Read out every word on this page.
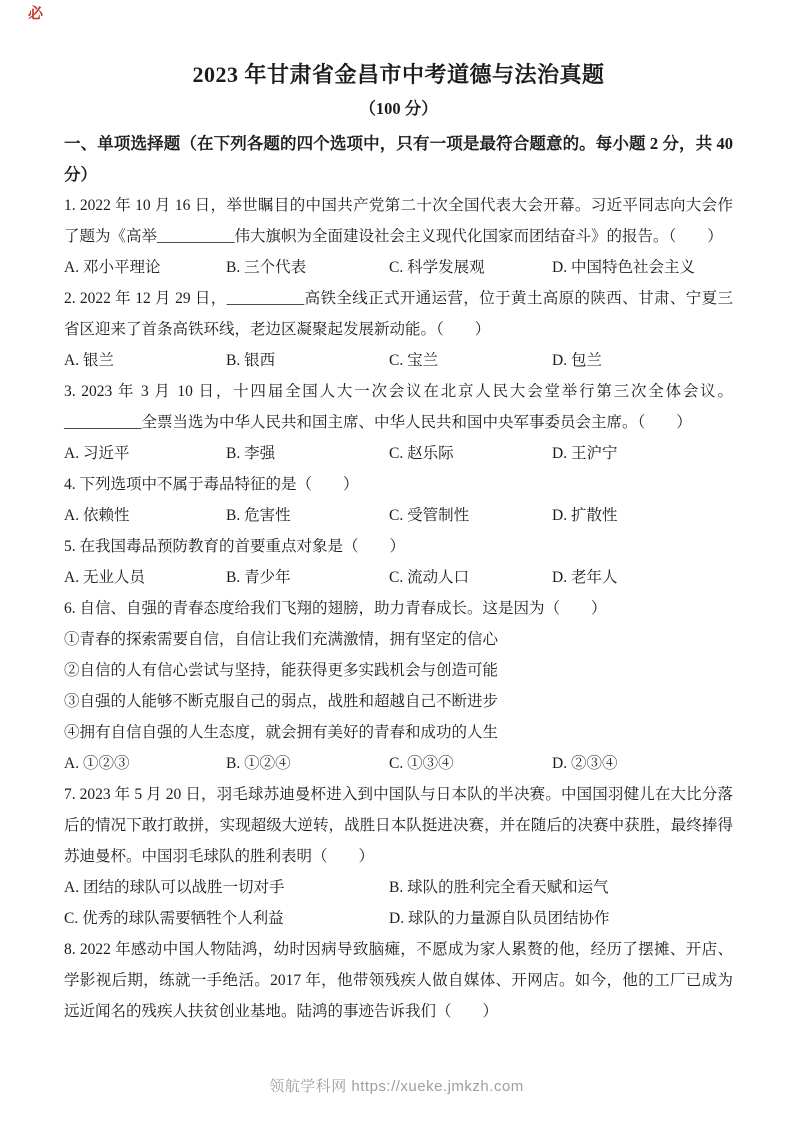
必
2023 年甘肃省金昌市中考道德与法治真题
（100 分）
一、单项选择题（在下列各题的四个选项中，只有一项是最符合题意的。每小题 2 分，共 40 分）

1. 2022 年 10 月 16 日，举世瞩目的中国共产党第二十次全国代表大会开幕。习近平同志向大会作了题为《高举__________伟大旗帜为全面建设社会主义现代化国家而团结奋斗》的报告。（　　）

A. 邓小平理论	B. 三个代表	C. 科学发展观	D. 中国特色社会主义

2. 2022 年 12 月 29 日，__________高铁全线正式开通运营，位于黄土高原的陕西、甘肃、宁夏三省区迎来了首条高铁环线，老边区凝聚起发展新动能。（　　）

A. 银兰	B. 银西	C. 宝兰	D. 包兰

3. 2023 年 3 月 10 日，十四届全国人大一次会议在北京人民大会堂举行第三次全体会议。__________全票当选为中华人民共和国主席、中华人民共和国中央军事委员会主席。（　　）

A. 习近平	B. 李强	C. 赵乐际	D. 王沪宁

4. 下列选项中不属于毒品特征的是（　　）

A. 依赖性	B. 危害性	C. 受管制性	D. 扩散性

5. 在我国毒品预防教育的首要重点对象是（　　）

A. 无业人员	B. 青少年	C. 流动人口	D. 老年人

6. 自信、自强的青春态度给我们飞翔的翅膀，助力青春成长。这是因为（　　）

①青春的探索需要自信，自信让我们充满激情，拥有坚定的信心

②自信的人有信心尝试与坚持，能获得更多实践机会与创造可能

③自强的人能够不断克服自己的弱点，战胜和超越自己不断进步

④拥有自信自强的人生态度，就会拥有美好的青春和成功的人生

A. ①②③	B. ①②④	C. ①③④	D. ②③④

7. 2023 年 5 月 20 日，羽毛球苏迪曼杯进入到中国队与日本队的半决赛。中国国羽健儿在大比分落后的情况下敢打敢拼，实现超级大逆转，战胜日本队挺进决赛，并在随后的决赛中获胜，最终捧得苏迪曼杯。中国羽毛球队的胜利表明（　　）

A. 团结的球队可以战胜一切对手	B. 球队的胜利完全看天赋和运气
C. 优秀的球队需要牺牲个人利益	D. 球队的力量源自队员团结协作

8. 2022 年感动中国人物陆鸿，幼时因病导致脑瘫，不愿成为家人累赘的他，经历了摆摊、开店、学影视后期，练就一手绝活。2017 年，他带领残疾人做自媒体、开网店。如今，他的工厂已成为远近闻名的残疾人扶贫创业基地。陆鸿的事迹告诉我们（　　）

领航学科网 https://xueke.jmkzh.com
